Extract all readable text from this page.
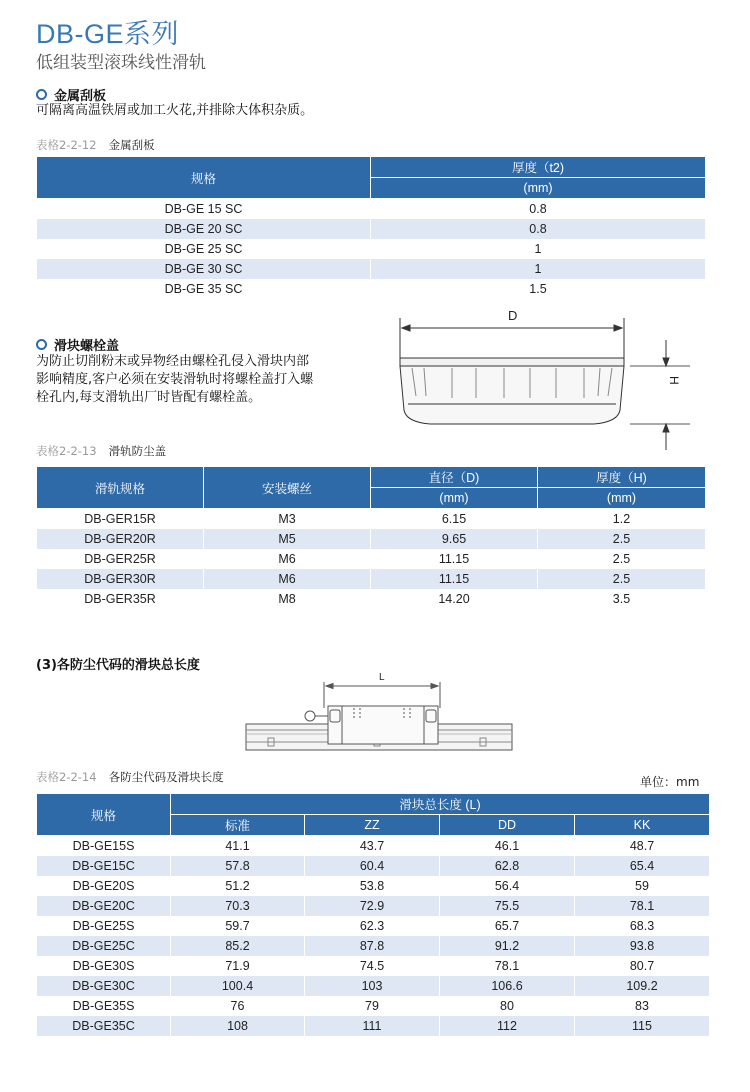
DB-GE系列
低组装型滚珠线性滑轨
金属刮板
可隔离高温铁屑或加工火花,并排除大体积杂质。
表格2-2-12 金属刮板
规格	厚度（t2)
	(mm)
DB-GE 15 SC	0.8
DB-GE 20 SC	0.8
DB-GE 25 SC	1
DB-GE 30 SC	1
DB-GE 35 SC	1.5
滑块螺栓盖
为防止切削粉末或异物经由螺栓孔侵入滑块内部
影响精度,客户必须在安装滑轨时将螺栓盖打入螺
栓孔内,每支滑轨出厂时皆配有螺栓盖。
D
H
表格2-2-13 滑轨防尘盖
滑轨规格	安装螺丝	直径（D)	厚度（H)
		(mm)	(mm)
DB-GER15R	M3	6.15	1.2
DB-GER20R	M5	9.65	2.5
DB-GER25R	M6	11.15	2.5
DB-GER30R	M6	11.15	2.5
DB-GER35R	M8	14.20	3.5
(3)各防尘代码的滑块总长度
L
表格2-2-14 各防尘代码及滑块长度	单位：mm
规格	滑块总长度 (L)			
	标准	ZZ	DD	KK
DB-GE15S	41.1	43.7	46.1	48.7
DB-GE15C	57.8	60.4	62.8	65.4
DB-GE20S	51.2	53.8	56.4	59
DB-GE20C	70.3	72.9	75.5	78.1
DB-GE25S	59.7	62.3	65.7	68.3
DB-GE25C	85.2	87.8	91.2	93.8
DB-GE30S	71.9	74.5	78.1	80.7
DB-GE30C	100.4	103	106.6	109.2
DB-GE35S	76	79	80	83
DB-GE35C	108	111	112	115
